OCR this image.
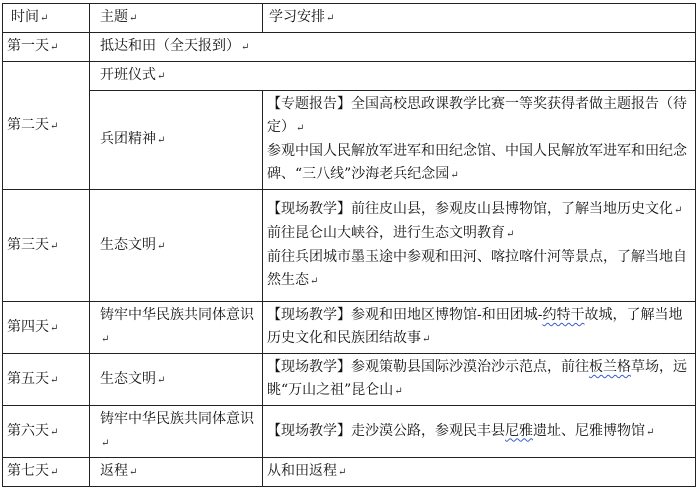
时间↵	主题↵	学习安排↵
第一天↵	抵达和田（全天报到）↵	
第二天↵	开班仪式↵	
	兵团精神↵	【专题报告】全国高校思政课教学比赛一等奖获得者做主题报告（待定）↵
参观中国人民解放军进军和田纪念馆、中国人民解放军进军和田纪念碑、“三八线”沙海老兵纪念园↵

第三天↵	生态文明↵	【现场教学】前往皮山县，参观皮山县博物馆，了解当地历史文化↵
前往昆仑山大峡谷，进行生态文明教育↵
前往兵团城市墨玉途中参观和田河、喀拉喀什河等景点，了解当地自然生态↵

第四天↵	铸牢中华民族共同体意识↵	【现场教学】参观和田地区博物馆-和田团城-约特干故城，了解当地历史文化和民族团结故事↵

第五天↵	生态文明↵	【现场教学】参观策勒县国际沙漠治沙示范点，前往板兰格草场，远眺“万山之祖”昆仑山↵

第六天↵	铸牢中华民族共同体意识↵	【现场教学】走沙漠公路，参观民丰县尼雅遗址、尼雅博物馆↵

第七天↵	返程↵	从和田返程↵
